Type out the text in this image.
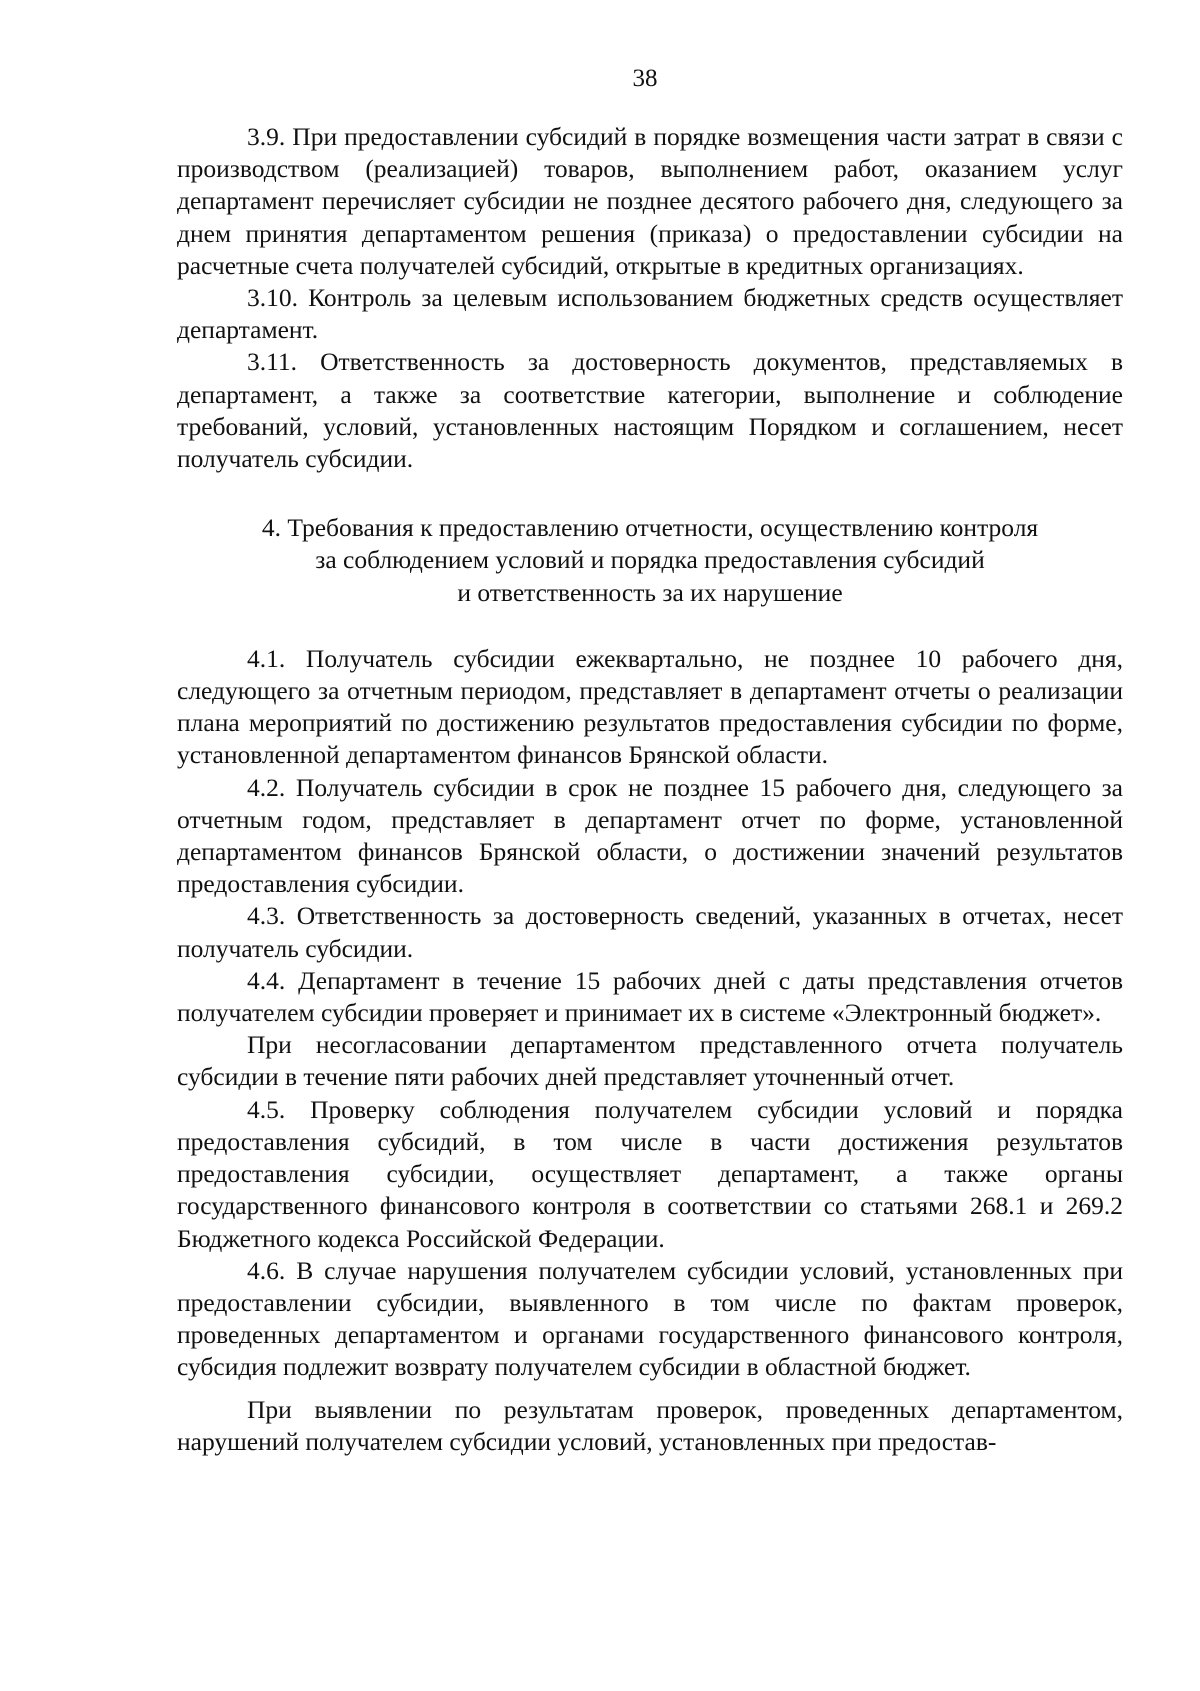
38

3.9. При предоставлении субсидий в порядке возмещения части затрат в связи с производством (реализацией) товаров, выполнением работ, оказанием услуг департамент перечисляет субсидии не позднее десятого рабочего дня, следующего за днем принятия департаментом решения (приказа) о предоставлении субсидии на расчетные счета получателей субсидий, открытые в кредитных организациях.

3.10. Контроль за целевым использованием бюджетных средств осуществляет департамент.

3.11. Ответственность за достоверность документов, представляемых в департамент, а также за соответствие категории, выполнение и соблюдение требований, условий, установленных настоящим Порядком и соглашением, несет получатель субсидии.

4. Требования к предоставлению отчетности, осуществлению контроля
за соблюдением условий и порядка предоставления субсидий
и ответственность за их нарушение

4.1. Получатель субсидии ежеквартально, не позднее 10 рабочего дня, следующего за отчетным периодом, представляет в департамент отчеты о реализации плана мероприятий по достижению результатов предоставления субсидии по форме, установленной департаментом финансов Брянской области.

4.2. Получатель субсидии в срок не позднее 15 рабочего дня, следующего за отчетным годом, представляет в департамент отчет по форме, установленной департаментом финансов Брянской области, о достижении значений результатов предоставления субсидии.

4.3. Ответственность за достоверность сведений, указанных в отчетах, несет получатель субсидии.

4.4. Департамент в течение 15 рабочих дней с даты представления отчетов получателем субсидии проверяет и принимает их в системе «Электронный бюджет».

При несогласовании департаментом представленного отчета получатель субсидии в течение пяти рабочих дней представляет уточненный отчет.

4.5. Проверку соблюдения получателем субсидии условий и порядка предоставления субсидий, в том числе в части достижения результатов предоставления субсидии, осуществляет департамент, а также органы государственного финансового контроля в соответствии со статьями 268.1 и 269.2 Бюджетного кодекса Российской Федерации.

4.6. В случае нарушения получателем субсидии условий, установленных при предоставлении субсидии, выявленного в том числе по фактам проверок, проведенных департаментом и органами государственного финансового контроля, субсидия подлежит возврату получателем субсидии в областной бюджет.

При выявлении по результатам проверок, проведенных департаментом, нарушений получателем субсидии условий, установленных при предостав-
